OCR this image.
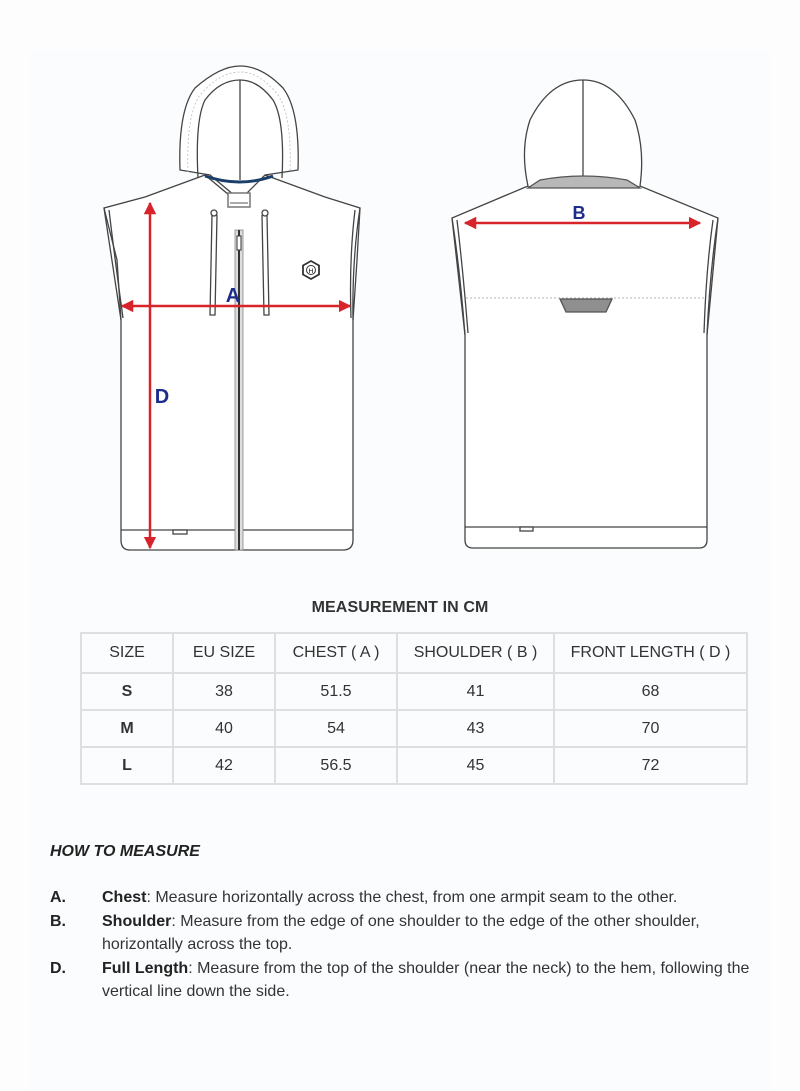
H
A
D
B
MEASUREMENT IN CM
SIZE	EU SIZE	CHEST ( A )	SHOULDER ( B )	FRONT LENGTH ( D )
S	38	51.5	41	68
M	40	54	43	70
L	42	56.5	45	72
HOW TO MEASURE
A.	Chest: Measure horizontally across the chest, from one armpit seam to the other.
B.	Shoulder: Measure from the edge of one shoulder to the edge of the other shoulder, horizontally across the top.
D.	Full Length: Measure from the top of the shoulder (near the neck) to the hem, following the vertical line down the side.
